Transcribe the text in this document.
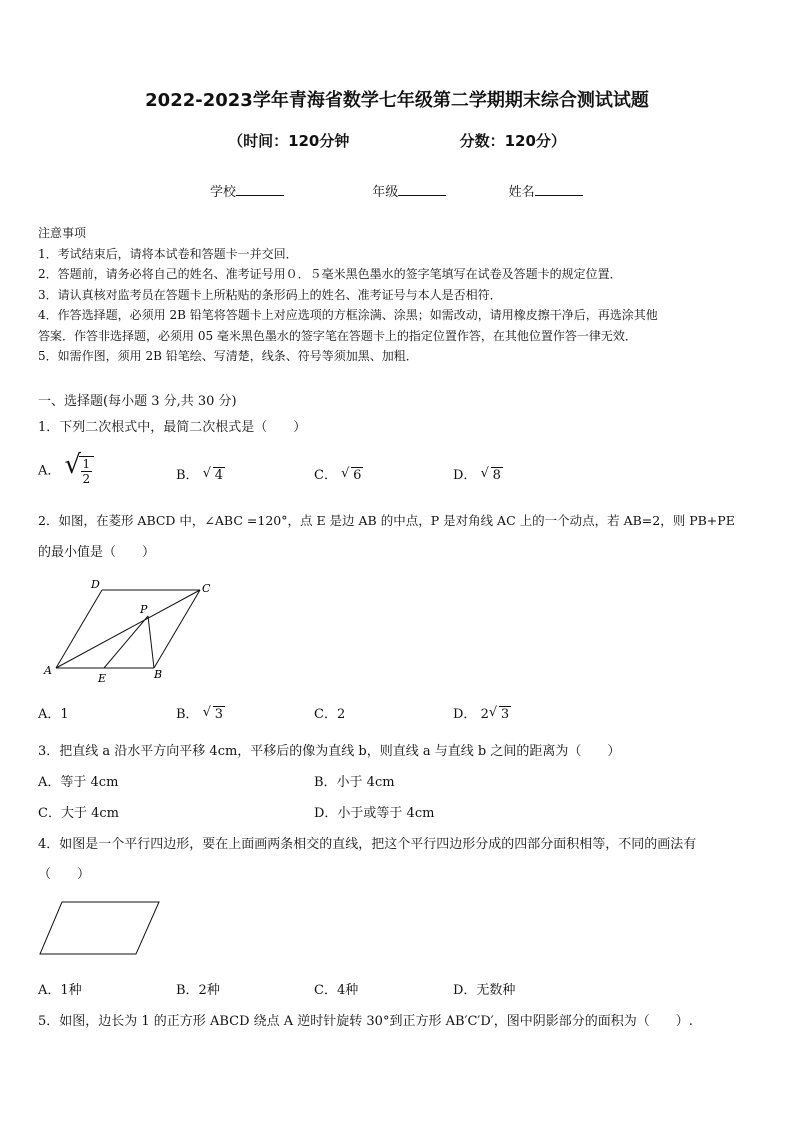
2022-2023学年青海省数学七年级第二学期期末综合测试试题
（时间：120分钟	分数：120分）
学校	年级	姓名
注意事项
1．考试结束后，请将本试卷和答题卡一并交回．
2．答题前，请务必将自己的姓名、准考证号用０．５毫米黑色墨水的签字笔填写在试卷及答题卡的规定位置．
3．请认真核对监考员在答题卡上所粘贴的条形码上的姓名、准考证号与本人是否相符．
4．作答选择题，必须用 2B 铅笔将答题卡上对应选项的方框涂满、涂黑；如需改动，请用橡皮擦干净后，再选涂其他
答案．作答非选择题，必须用 05 毫米黑色墨水的签字笔在答题卡上的指定位置作答，在其他位置作答一律无效．
5．如需作图，须用 2B 铅笔绘、写清楚，线条、符号等须加黑、加粗．
一、选择题(每小题 3 分,共 30 分)
1．下列二次根式中，最简二次根式是（　　）
A． √
$\frac{1}{2}$	B． √ 4	C． √ 6	D． √ 8
2．如图，在菱形 ABCD 中，∠ABC =120°，点 E 是边 AB 的中点，P 是对角线 AC 上的一个动点，若 AB=2，则 PB+PE
的最小值是（　　）
A	B
C
D
E
P
A．1	B． √ 3	C．2	D． 2 √ 3
3．把直线 a 沿水平方向平移 4cm，平移后的像为直线 b，则直线 a 与直线 b 之间的距离为（　　）
A．等于 4cm	B．小于 4cm
C．大于 4cm	D．小于或等于 4cm
4．如图是一个平行四边形，要在上面画两条相交的直线，把这个平行四边形分成的四部分面积相等，不同的画法有
（　　）
A．1种	B．2种	C．4种	D．无数种
5．如图，边长为 1 的正方形 ABCD 绕点 A 逆时针旋转 30°到正方形 AB′C′D′，图中阴影部分的面积为（　　）.
